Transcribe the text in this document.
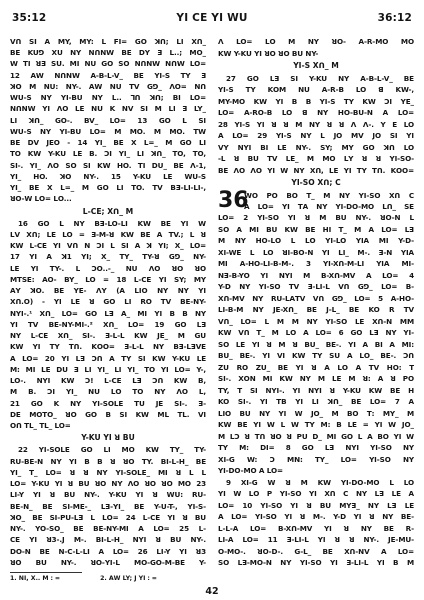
35:12	YI CE YI WU	36:12
Vꓵ SI A MY, MY: L FI= GO ꓘꓵ; ꓡI Xꓵ_
BE KUꓨ ꓫU NY NꓵꓠW BE ꓓY Ǝ L..; ꓟO_
W TI ꓤƎ SU. MI NU GO ꓢꓳ NꓵꓠW NꓵW LO=
12 ꓮW NꓵꓠW A-B-L-V_ BE YI-S ꓔY Ǝ
ꓘꓳ M NU: NY-. ꓮW NU TV Gꓨ_ ꓥꓳ= Nꓵ
WU-S NY YI-BU NY L.. ꓶꓵ ꓘꓵ; BI LO=
NꓵꓠW YI ꓥꓳ LE NU K NV SI M ꓡI ꓱ LY_
ꓡI ꓘꓵ_ GO-. BV_ LO= 13 GO ꓡ SI
WU-S NY YI-BU LO= M ꓟꓳ. ꓟ ꓟO. ꓔW
BE ꓓV JEO - 14 YI_ BE X ꓡ=_ M GO ꓡI
TO KW Y-KU LE B. ꓛI YI_ ꓡI ꓘꓵ_ ꓔO, TO,
SI-. YI_ ꓥꓳ ꓢꓳ SI KW HO. TI DU_ BE ꓥ-1,
YI_ HO. ꓘꓳ NY-. 15 Y-KU LE WU-S
YI_ BE X ꓡ=_ M GO ꓡI TO. TV BƎ-ꓡI-ꓡI-,
ꓤꓳ-W ꓡO= ꓡO...
L-CE; Xꓵ_ M
16 GO ꓡ NY Bꓱ-LO-LI KW BE YI W
ꓡV Xꓵ; ꓡE LO = Ǝ-ꓟ-ꓤ KW BE ꓮ TV.; ꓡ ꓤ
KW L-CE YI Vꓵ N ꓛI ꓡ SI ꓮ ꓘ YI; X_ LO=
17 YI ꓮ ꓘ1 YI; X_ ꓔY_ ꓔY-ꓤ Gꓨ_ NY-
LE YI ꓔY-. ꓡ ꓛꓳ..-_ NU ꓥꓳ ꓤꓳ ꓤꓳ
MꓔSE: ꓮO- BY_ LO = 18 L-CE YI SY; MY
ꓮY ꓘꓳ. BE YE- ꓥY (ꓮ LIO NY NY YI
Xꓵ.ꓳ) - YI LE ꓤ GO ꓡI RO ꓔV BE-NY-
NYI-.¹ Xꓵ_ LO= GO Lꓱ ꓮ_ MI YI B B NY
YI ꓔV BE-NY-MI-.² Xꓵ_ LO= 19 GO Lꓱ
NY L-CE Xꓵ_ SI-. Ǝ-ꓡ-ꓡ KW JE_ M GU
KW YI ꓔY ꓔꓵ. KꓳO= Ǝ-ꓡ-ꓡ NY Bꓱ-LꓱVE
ꓮ LO= 20 YI Lꓱ ꓛꓵ ꓮ ꓔY SI KW Y-KU LE
M: MI LE DU Ǝ ꓡI YI_ ꓡI YI_ ꓔꓳ YI LO= Y-,
LO-. NYI KW ꓛ! L-CE Lꓱ ꓛꓵ KW B,
M B. ꓛI YI_ NU ꓡꓳ ꓔꓳ NY ꓥꓳ ꓡ,
21 GO K NY YI-SꓳLE TU JE SI-. ꓱ-
DE MꓳTO_ ꓤꓳ GO B SI KW Mꓡ ꓔꓡ. VI
Oꓵ ꓔꓡ_ ꓔꓡ_ LO=
Y-KU YI ꓤ BU
22 YI-SꓳLE GO ꓡI MO KW ꓔY_ ꓔY-
RU-BE-N NY YI B B ꓤ ꓤꓳ ꓔY. BI-L-H_ BE
YI_ ꓔ_ LO= ꓤ ꓤ NY YI-SꓳLE_ MI ꓤ ꓡ ꓡ
LO= Y-KU YI ꓤ BU ꓤꓳ NY ꓥꓳ ꓤꓳ ꓤꓳ ꓟꓳ 23
LI-Y YI ꓤ BU NY-. Y-KU YI ꓤ WU: RU-
BE-N_ BE SI-ME-_ Lꓱ-YI_ BE Y-U-T-, YI-S-
ꓘꓳ_ BE SI-PU-Lꓱ ꓡ ꓡO= 24 L-CE YI ꓤ BU
NY-. YO-Sꓳ_ BE BE-NY-MI ꓮ LO= 25 L-
CE YI ꓤ3-.J M-. BI-L-H_ NYI ꓤ BU NY-.
ꓓꓳ-N BE N-ꓚ-ꓡ-LI ꓮ LO= 26 LI-Y YI ꓤ3
ꓤꓳ BU NY-. ꓤꓳ-YI-ꓡ ꓟꓳ-GO-ꓟ-BE Y-
ꓥ LO= ꓡꓳ M NY ꓤꓳ- ꓮ-R-MO ꓟꓳ
KW Y-KU YI ꓤꓳ ꓤꓳ BU NY-
YI-S Xꓵ_ M
27 GO Lꓱ SI Y-KU NY A-B-L-V_ BE
YI-S ꓔY KꓳM NU ꓮ-R-B LO ꓭ KW-,
MY-MO KW YI B B YI-S ꓔY KW ꓛI YE_
LO= ꓮ-RO-B LO ꓭ NY HO-BU-N ꓮ LO=
28 YI-S YI ꓤ ꓤ M NY ꓤ ꓤ ꓥ ꓥ-. Y E LO
ꓮ LO= 29 YI-S NY ꓡ JO MV JO SI YI
VY NYI BI LE NY-. SY; MY GO ꓘꓵ LO
-ꓡ ꓤ BU TV LE_ ꓟ ꓟꓳ ꓡY ꓤ ꓤ YI-Sꓳ-
BE ꓥꓳ ꓥꓳ YI W NY Xꓵ, LE YI ꓔY ꓔꓵ. KꓳO=
YI-SO Xꓵ; C
36
WO PO BO T_ M NY YI-SO Xꓵ C
ꓮ LO= YI ꓔꓮ NY YI-DO-MO ꓡꓵ_ SE
LO= 2 YI-SO YI ꓤ M BU NY-. ꓤO-N L
ꓢꓳ ꓮ MI BU KW BE HI ꓔ_ M ꓮ LO= Lꓱ
M NY HO-ꓡꓳ ꓡ ꓡO YI-LO YIA MI Y-D-
XI-WE L ꓡO ꓤI-BO-N YI LI_ M-. ꓱ-N YIA
MI ꓮ-HO-LI-B-M-. 3 YI-Xꓵ-M-LI YIA MI-
Nꓱ-B-YO YI NYI M B-Xꓵ-MV ꓮ LO= 4
Y-D NY YI-SO TV Ǝ-LI-ꓡ Vꓵ Gꓨ_ LO= B-
Xꓵ-MV NY RU-LꓮꓔV Vꓵ Gꓨ_ LO= 5 ꓮ-HO-
LI-B-M NY JE-Xꓵ_ BE J-L_ BE KO R ꓔV
Vꓵ_ LO= ꓡ ꓟ M NY YI-SO LE Xꓵ-N MM
KW Vꓵ ꓔ_ M ꓡꓳ ꓮ LO= 6 GO Lꓱ NY YI-
SO LE YI ꓤ M ꓤ BU_ BE-. YI ꓮ BI ꓮ MI:
BU_ BE-. YI VI KW ꓔY SU ꓮ ꓡO_ BE-. ꓛꓵ
ZU RO ZU_ BE YI ꓤ ꓮ ꓡꓳ ꓮ TV HO: T
SI-. XꓳN MI KW NY M ꓡE M ꓤ: ꓮ ꓤ PO
TY, T SI NYI-. YI NYI ꓤ Y-KU KW BE H
KO SI-. YI ꓔB YI ꓡI ꓘꓵ_ BE LO= 7 ꓮ
ꓡIO BU NY YI W JO_ M BO ꓔ: MY_ M
KW BE YI W ꓡ W ꓔY M: B ꓡE = YI W JO_
M ꓡꓛ ꓤ ꓔꓵ ꓤꓳ ꓤ PU D_ MI GO ꓡ ꓮ BO YI W
ꓔY M: DI= 8 GO Lꓱ NYI YI-SO NY
XI-G W: ꓛ MN: ꓔY_ LO= YI-SO NY
YI-DO-MO ꓮ LO=
9 XI-G W ꓤ M KW YI-DO-MO ꓡ LO
YI W ꓡꓳ P YI-SO YI Xꓵ C NY ꓡꓱ LE ꓮ
LO= 10 YI-SO YI ꓤ BU MYꓱ_ NY ꓡꓱ LE
ꓮ LO= YI-SO YI ꓤ M-. Y-D YI ꓤ NY BE-
L-ꓡ-ꓮ LO= B-Xꓵ-MV YI ꓤ NY BE R-
LI-ꓮ LO= 11 Ǝ-LI-ꓡ YI ꓤ ꓤ NY-. JE-MU-
O-MO-. ꓤꓳ-D-. G-L_ BE Xꓵ-NV ꓮ LO=
ꓢꓳ ꓡꓱ-MO-N NY YI-SO YI Ǝ-LI-ꓡ YI B M
1. NI, X.. M ꓽ =	2. ꓮW LY; J YI ꓽ =
42
